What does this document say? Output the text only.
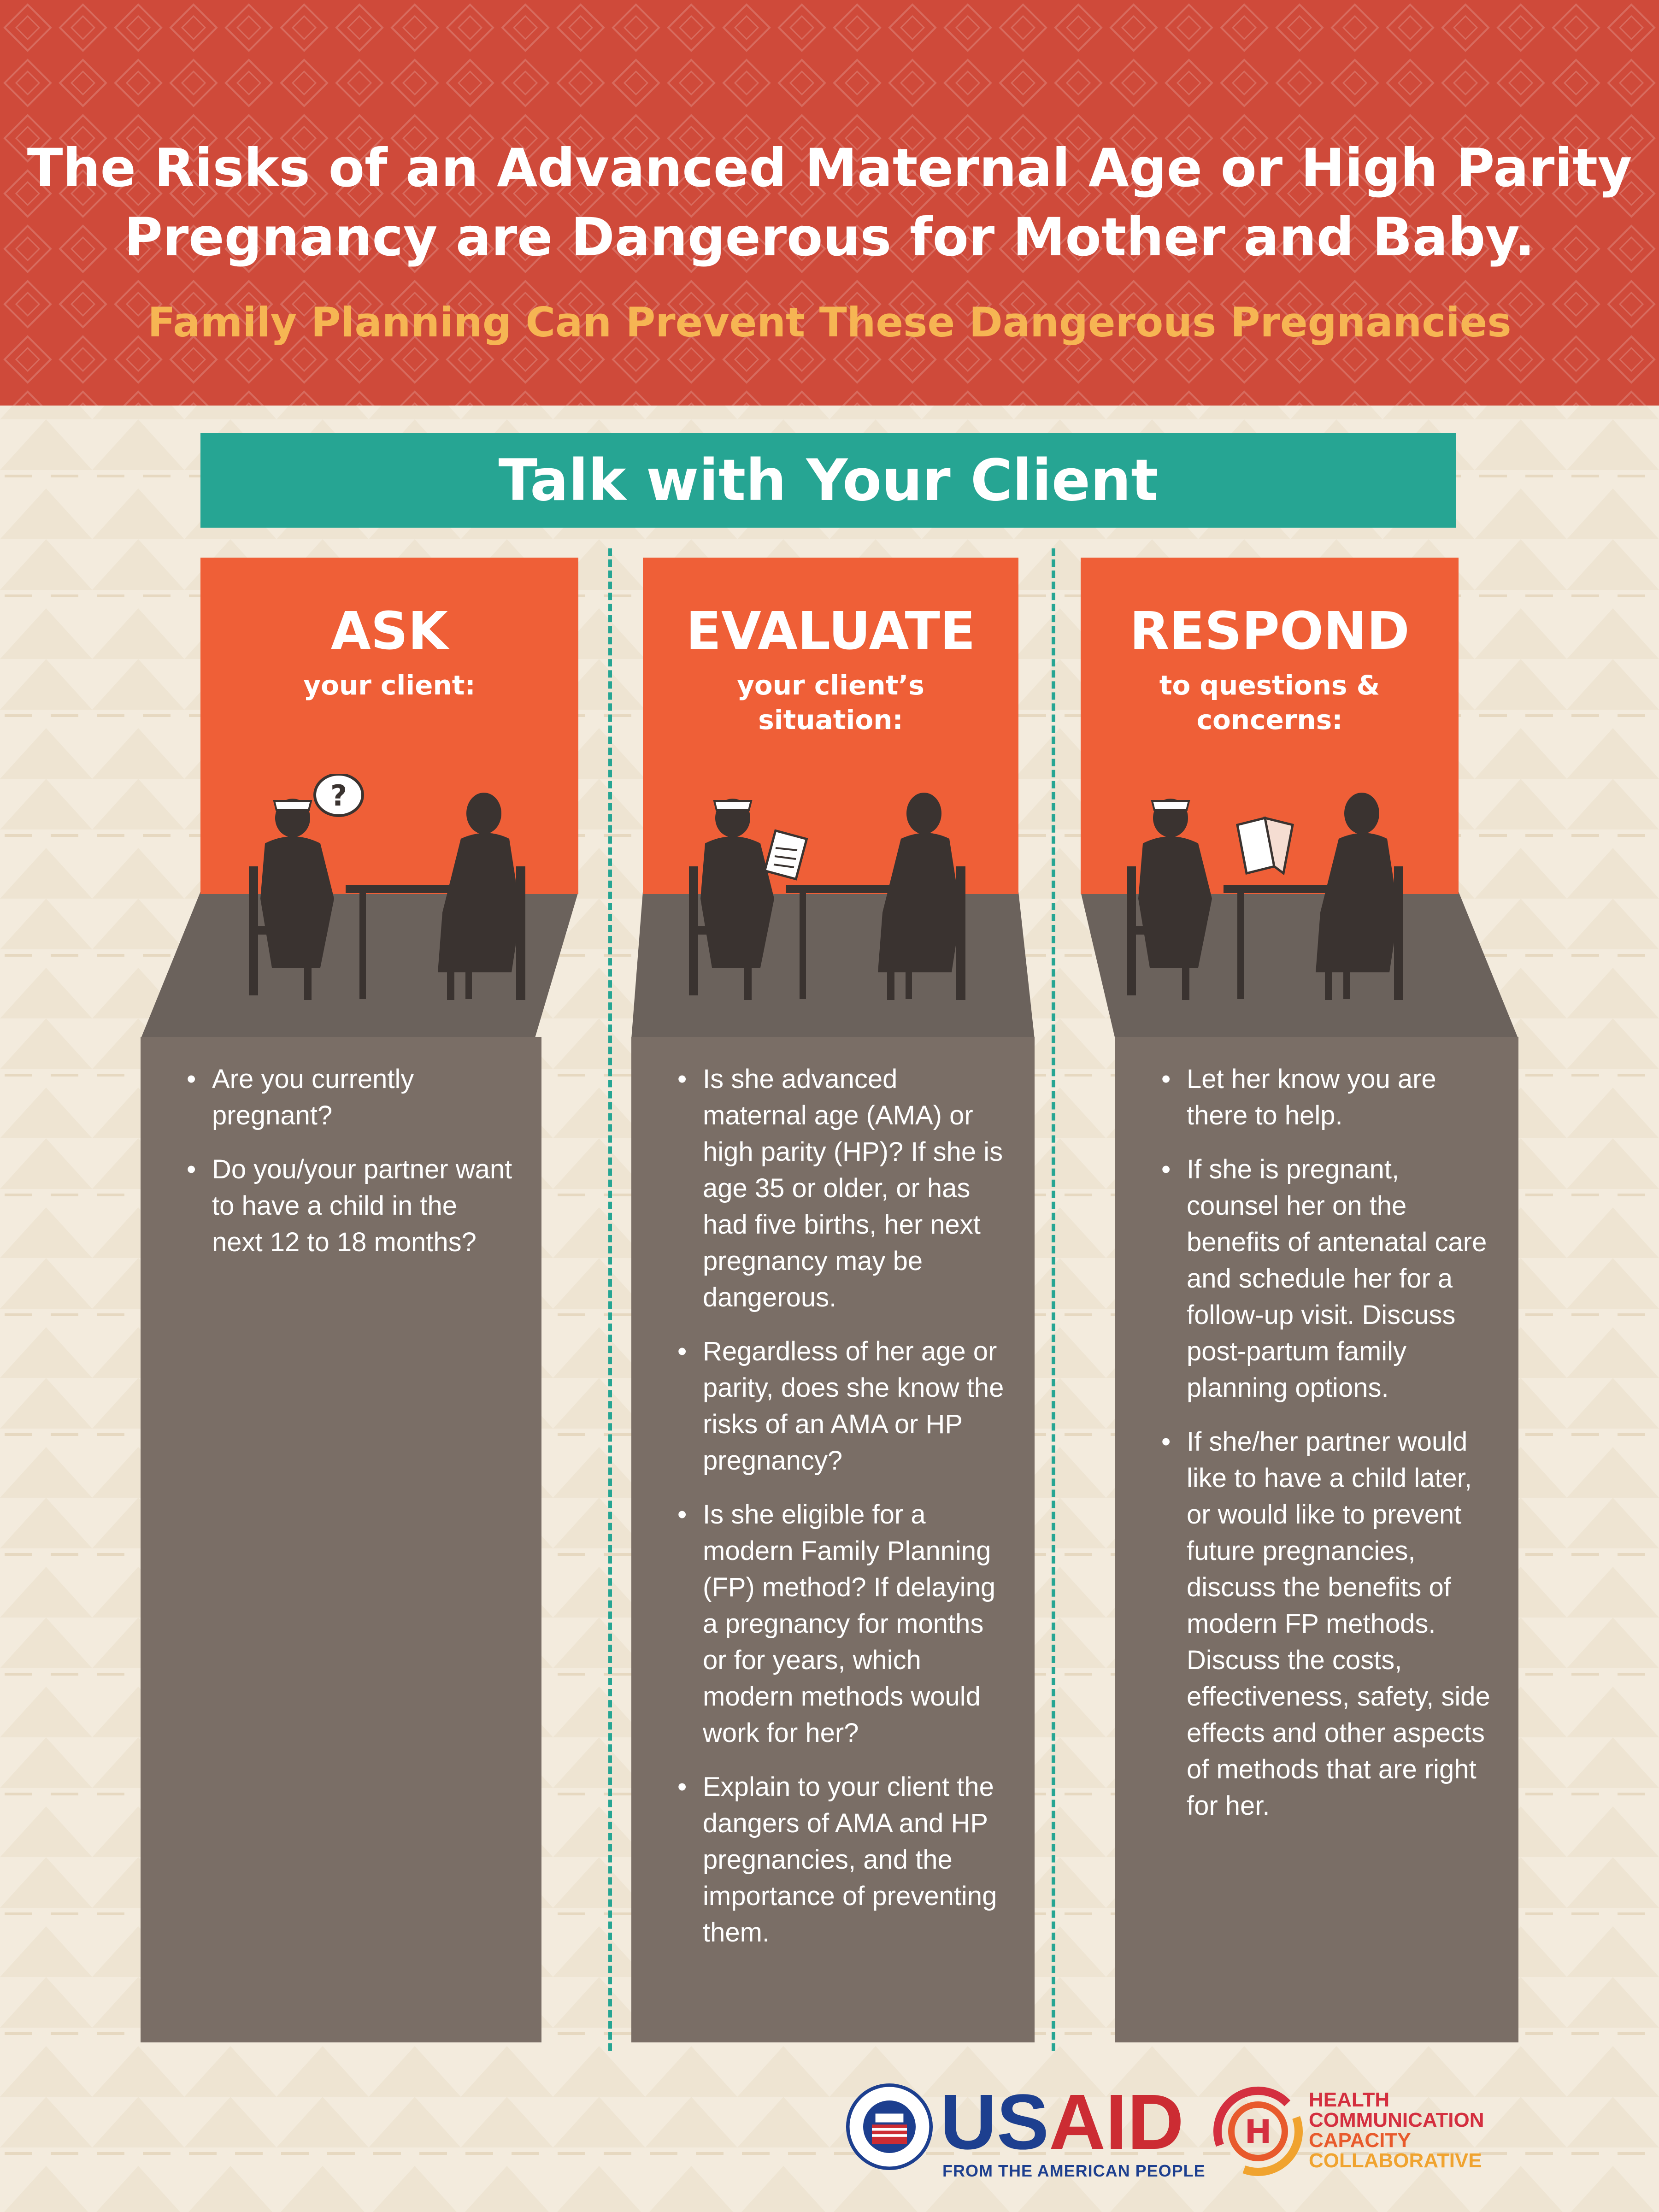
The Risks of an Advanced Maternal Age or High Parity
Pregnancy are Dangerous for Mother and Baby.
Family Planning Can Prevent These Dangerous Pregnancies
Talk with Your Client
ASK
your client:
EVALUATE
your client’s
situation:
RESPOND
to questions &
concerns:
?
• Are you currently pregnant?
• Do you/your partner want to have a child in the next 12 to 18 months?
• Is she advanced maternal age (AMA) or high parity (HP)? If she is age 35 or older, or has had five births, her next pregnancy may be dangerous.
• Regardless of her age or parity, does she know the risks of an AMA or HP pregnancy?
• Is she eligible for a modern Family Planning (FP) method? If delaying a pregnancy for months or for years, which modern methods would work for her?
• Explain to your client the dangers of AMA and HP pregnancies, and the importance of preventing them.
• Let her know you are there to help.
• If she is pregnant, counsel her on the benefits of antenatal care and schedule her for a follow-up visit. Discuss post-partum family planning options.
• If she/her partner would like to have a child later, or would like to prevent future pregnancies, discuss the benefits of modern FP methods. Discuss the costs, effectiveness, safety, side effects and other aspects of methods that are right for her.
USAID
FROM THE AMERICAN PEOPLE
H
HEALTH
COMMUNICATION
CAPACITY
COLLABORATIVE
